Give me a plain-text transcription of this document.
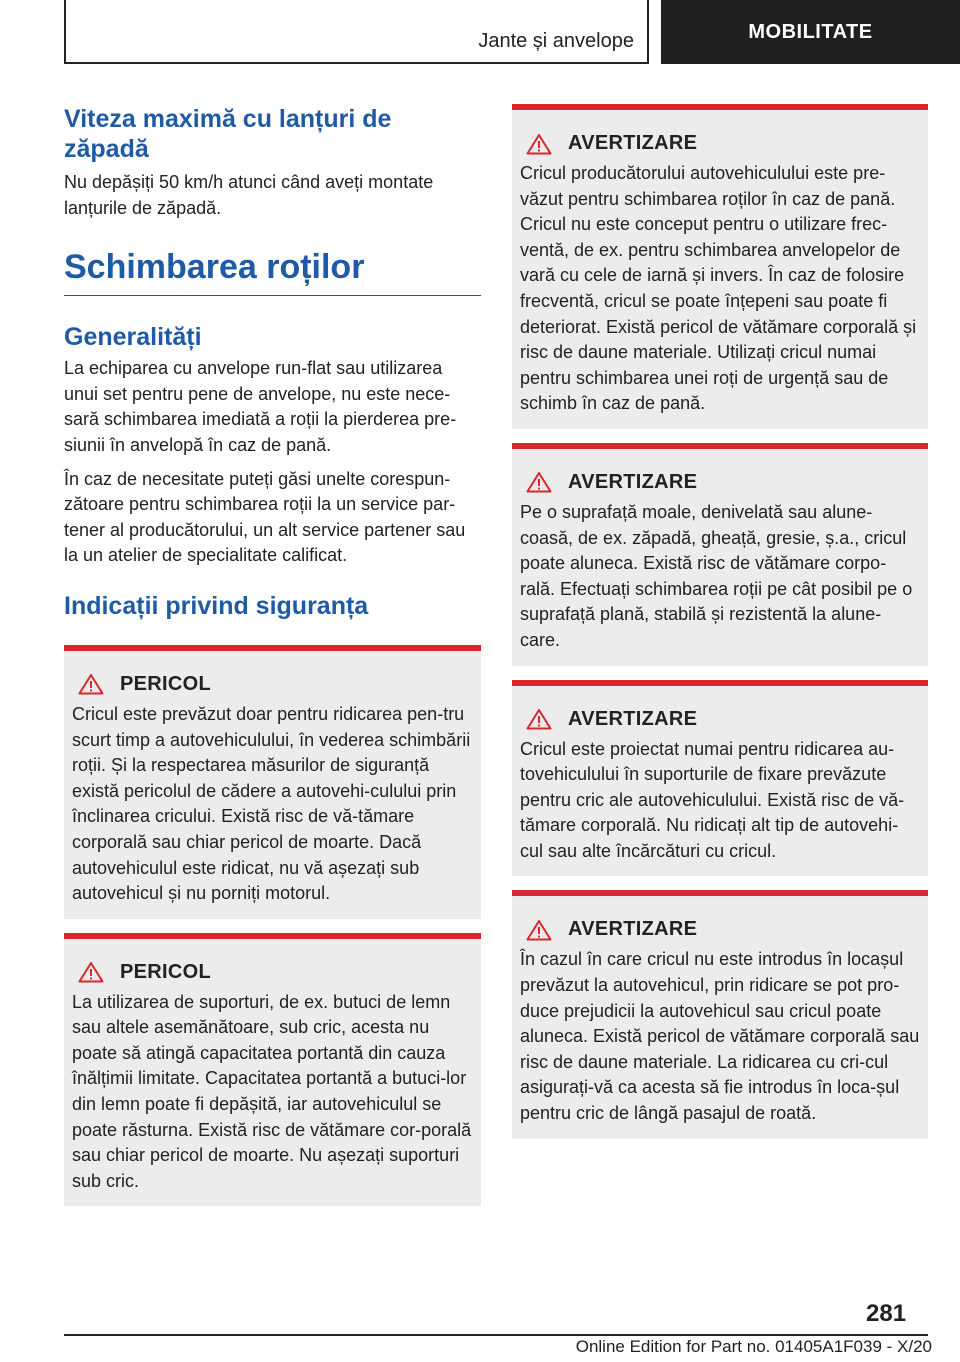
Jante și anvelope	MOBILITATE
Viteza maximă cu lanțuri de zăpadă

Nu depășiți 50 km/h atunci când aveți montate lanțurile de zăpadă.

Schimbarea roților
Generalități

La echiparea cu anvelope run-flat sau utilizarea unui set pentru pene de anvelope, nu este nece-sară schimbarea imediată a roții la pierderea pre-siunii în anvelopă în caz de pană.

În caz de necesitate puteți găsi unelte corespun-zătoare pentru schimbarea roții la un service par-tener al producătorului, un alt service partener sau la un atelier de specialitate calificat.

Indicații privind siguranța
PERICOL

Cricul este prevăzut doar pentru ridicarea pen-tru scurt timp a autovehiculului, în vederea schimbării roții. Și la respectarea măsurilor de siguranță există pericolul de cădere a autovehi-culului prin înclinarea cricului. Există risc de vă-tămare corporală sau chiar pericol de moarte. Dacă autovehiculul este ridicat, nu vă așezați sub autovehicul și nu porniți motorul.

PERICOL

La utilizarea de suporturi, de ex. butuci de lemn sau altele asemănătoare, sub cric, acesta nu poate să atingă capacitatea portantă din cauza înălțimii limitate. Capacitatea portantă a butuci-lor din lemn poate fi depășită, iar autovehiculul se poate răsturna. Există risc de vătămare cor-porală sau chiar pericol de moarte. Nu așezați suporturi sub cric.

AVERTIZARE

Cricul producătorului autovehiculului este pre-văzut pentru schimbarea roților în caz de pană. Cricul nu este conceput pentru o utilizare frec-ventă, de ex. pentru schimbarea anvelopelor de vară cu cele de iarnă și invers. În caz de folosire frecventă, cricul se poate înțepeni sau poate fi deteriorat. Există pericol de vătămare corporală și risc de daune materiale. Utilizați cricul numai pentru schimbarea unei roți de urgență sau de schimb în caz de pană.

AVERTIZARE

Pe o suprafață moale, denivelată sau alune-coasă, de ex. zăpadă, gheață, gresie, ș.a., cricul poate aluneca. Există risc de vătămare corpo-rală. Efectuați schimbarea roții pe cât posibil pe o suprafață plană, stabilă și rezistentă la alune-care.

AVERTIZARE

Cricul este proiectat numai pentru ridicarea au-tovehiculului în suporturile de fixare prevăzute pentru cric ale autovehiculului. Există risc de vă-tămare corporală. Nu ridicați alt tip de autovehi-cul sau alte încărcături cu cricul.

AVERTIZARE

În cazul în care cricul nu este introdus în locașul prevăzut la autovehicul, prin ridicare se pot pro-duce prejudicii la autovehicul sau cricul poate aluneca. Există pericol de vătămare corporală sau risc de daune materiale. La ridicarea cu cri-cul asigurați-vă ca acesta să fie introdus în loca-șul pentru cric de lângă pasajul de roată.

281
Online Edition for Part no. 01405A1F039 - X/20
